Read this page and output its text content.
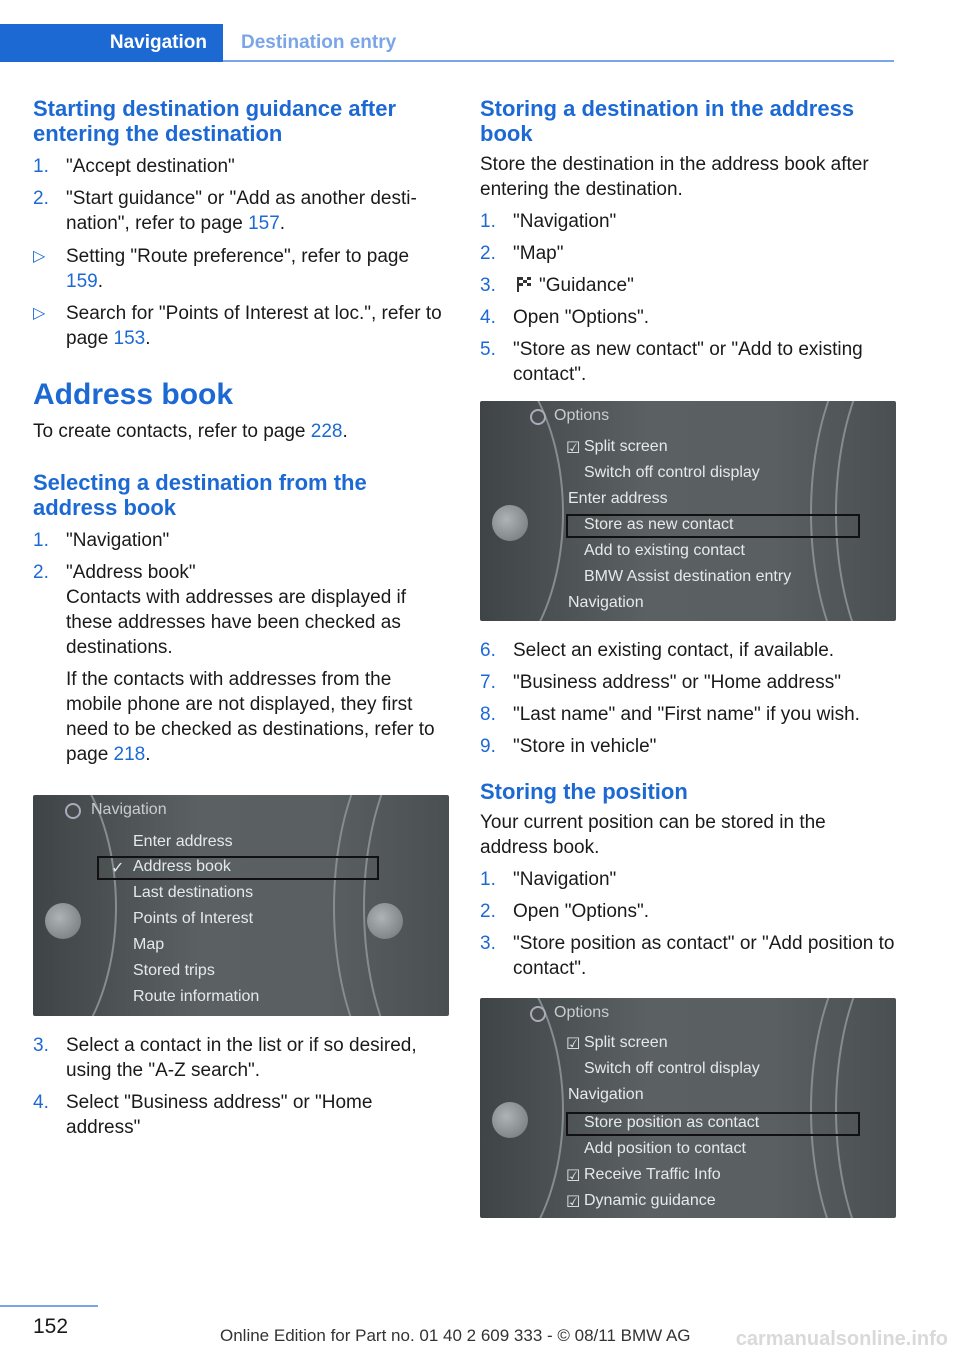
Navigation	Destination entry
Starting destination guidance after entering the destination
1. "Accept destination"
2. "Start guidance" or "Add as another desti- nation", refer to page 157.
▷	Setting "Route preference", refer to page 159.
▷	Search for "Points of Interest at loc.", refer to page 153.
Address book

To create contacts, refer to page 228.

Selecting a destination from the address book
1. "Navigation"
2. "Address book"
Contacts with addresses are displayed if these addresses have been checked as destinations.

If the contacts with addresses from the mobile phone are not displayed, they first need to be checked as destinations, refer to page 218.

Navigation
Enter address
✓ Address book
Last destinations
Points of Interest
Map
Stored trips
Route information
3. Select a contact in the list or if so desired, using the "A-Z search".
4. Select "Business address" or "Home address"
Storing a destination in the address book

Store the destination in the address book after entering the destination.

1. "Navigation"
2. "Map"
3.	"Guidance"
4. Open "Options".
5. "Store as new contact" or "Add to existing contact".
Options
☑ Split screen
Switch off control display
Enter address
Store as new contact
Add to existing contact
BMW Assist destination entry
Navigation
6. Select an existing contact, if available.
7. "Business address" or "Home address"
8. "Last name" and "First name" if you wish.
9. "Store in vehicle"
Storing the position

Your current position can be stored in the address book.

1. "Navigation"
2. Open "Options".
3. "Store position as contact" or "Add position to contact".
Options
☑ Split screen
Switch off control display
Navigation
Store position as contact
Add position to contact
☑ Receive Traffic Info
☑ Dynamic guidance
152	Online Edition for Part no. 01 40 2 609 333 - © 08/11 BMW AG carmanualsonline.info
